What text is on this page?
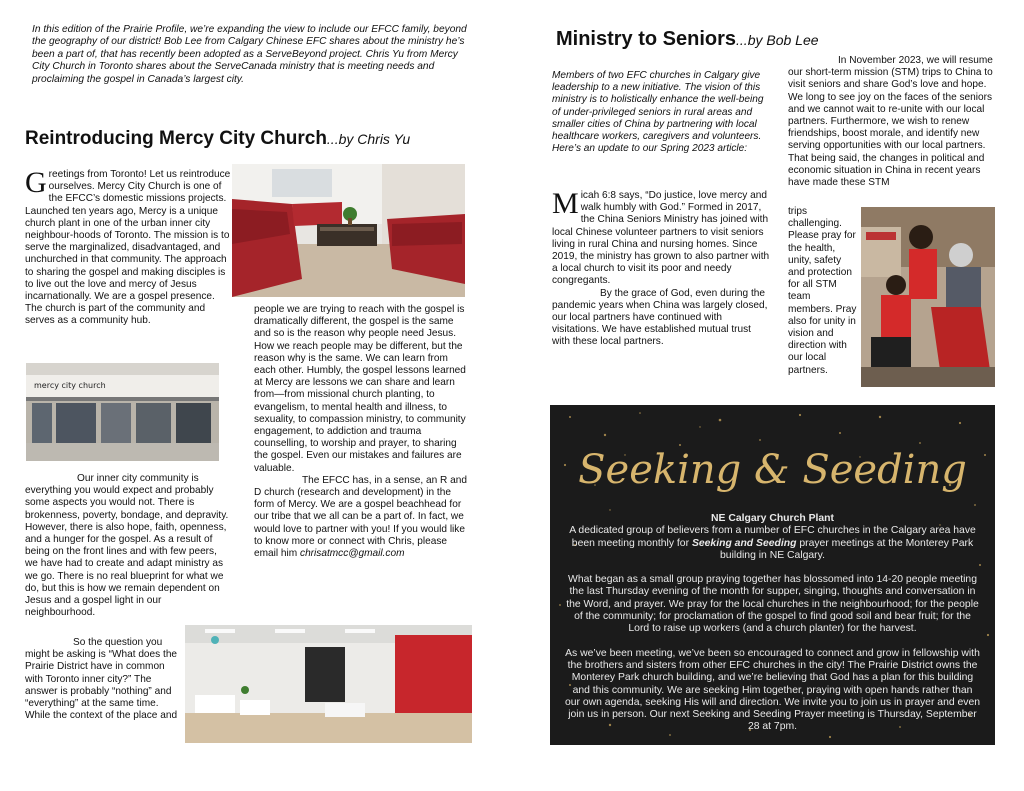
In this edition of the Prairie Profile, we’re expanding the view to include our EFCC family, beyond the geography of our district! Bob Lee from Calgary Chinese EFC shares about the ministry he’s been a part of, that has recently been adopted as a ServeBeyond project. Chris Yu from Mercy City Church in Toronto shares about the ServeCanada ministry that is meeting needs and proclaiming the gospel in Canada’s largest city.

Reintroducing Mercy City Church...by Chris Yu
Greetings from Toronto! Let us reintroduce ourselves. Mercy City Church is one of the EFCC’s domestic missions projects. Launched ten years ago, Mercy is a unique church plant in one of the urban inner city neighbour-hoods of Toronto. The mission is to serve the marginalized, disadvantaged, and unchurched in that community. The approach to sharing the gospel and making disciples is to live out the love and mercy of Jesus incarnationally. We are a gospel presence. The church is part of the community and serves as a community hub.
mercy city church
Our inner city community is everything you would expect and probably some aspects you would not. There is brokenness, poverty, bondage, and depravity. However, there is also hope, faith, openness, and a hunger for the gospel. As a result of being on the front lines and with few peers, we have had to create and adapt ministry as we go. There is no real blueprint for what we do, but this is how we remain dependent on Jesus and a gospel light in our neighbourhood.
So the question you might be asking is “What does the Prairie District have in common with Toronto inner city?” The answer is probably “nothing” and “everything” at the same time. While the context of the place and

people we are trying to reach with the gospel is dramatically different, the gospel is the same and so is the reason why people need Jesus. How we reach people may be different, but the reason why is the same. We can learn from each other. Humbly, the gospel lessons learned at Mercy are lessons we can share and learn from—from missional church planting, to evangelism, to mental health and illness, to sexuality, to compassion ministry, to community engagement, to addiction and trauma counselling, to worship and prayer, to sharing the gospel. Even our mistakes and failures are valuable.

The EFCC has, in a sense, an R and D church (research and development) in the form of Mercy. We are a gospel beachhead for our tribe that we all can be a part of. In fact, we would love to partner with you! If you would like to know more or connect with Chris, please email him chrisatmcc@gmail.com

Ministry to Seniors...by Bob Lee

Members of two EFC churches in Calgary give leadership to a new initiative. The vision of this ministry is to holistically enhance the well-being of under-privileged seniors in rural areas and smaller cities of China by partnering with local healthcare workers, caregivers and volunteers. Here’s an update to our Spring 2023 article:

Micah 6:8 says, “Do justice, love mercy and walk humbly with God.” Formed in 2017, the China Seniors Ministry has joined with local Chinese volunteer partners to visit seniors living in rural China and nursing homes. Since 2019, the ministry has grown to also partner with a local church to visit its poor and needy congregants.
By the grace of God, even during the pandemic years when China was largely closed, our local partners have continued with visitations. We have established mutual trust with these local partners.

In November 2023, we will resume our short-term mission (STM) trips to China to visit seniors and share God’s love and hope. We long to see joy on the faces of the seniors and we cannot wait to re-unite with our local partners. Furthermore, we wish to renew friendships, boost morale, and identify new serving opportunities with our local partners. That being said, the changes in political and economic situation in China in recent years have made these STM

trips challenging. Please pray for the health, unity, safety and protection for all STM team members. Pray also for unity in vision and direction with our local partners.

Seeking & Seeding
NE Calgary Church Plant

A dedicated group of believers from a number of EFC churches in the Calgary area have been meeting monthly for Seeking and Seeding prayer meetings at the Monterey Park building in NE Calgary.

What began as a small group praying together has blossomed into 14-20 people meeting the last Thursday evening of the month for supper, singing, thoughts and conversation in the Word, and prayer. We pray for the local churches in the neighbourhood; for the people of the community; for proclamation of the gospel to find good soil and bear fruit; for the Lord to raise up workers (and a church planter) for the harvest.

As we’ve been meeting, we’ve been so encouraged to connect and grow in fellowship with the brothers and sisters from other EFC churches in the city! The Prairie District owns the Monterey Park church building, and we’re believing that God has a plan for this building and this community. We are seeking Him together, praying with open hands rather than our own agenda, seeking His will and direction. We invite you to join us in prayer and even join us in person. Our next Seeking and Seeding Prayer meeting is Thursday, September 28 at 7pm.
